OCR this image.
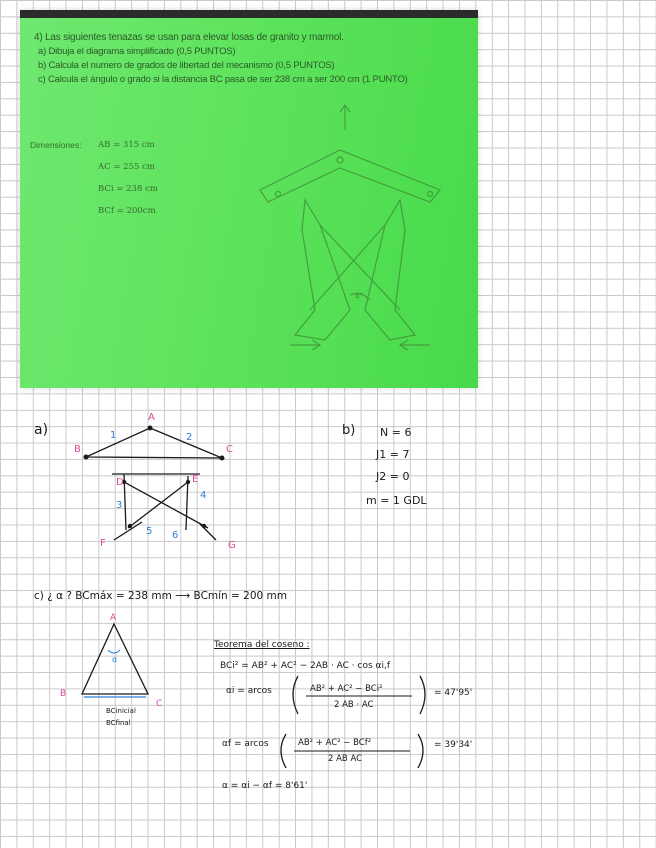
4) Las siguientes tenazas se usan para elevar losas de granito y marmol.
a) Dibuja el diagrama simplificado (0,5 PUNTOS)
b) Calcula el numero de grados de libertad del mecanismo (0,5 PUNTOS)
c) Calcula el ángulo o grado si la distancia BC pasa de ser 238 cm a ser 200 cm (1 PUNTO)
Dimensiones: AB = 315 cm
AC = 255 cm
BCi = 238 cm
BCf = 200cm
α°
a)
A
B	C
D	E
F	G
1	2
3
4
5 6
b) N = 6
J1 = 7
J2 = 0
m = 1 GDL
c) ¿ α ? BCmáx = 238 mm ⟶ BCmín = 200 mm
A
B
C
α
BCinicial
BCfinal
Teorema del coseno :
BCi² = AB² + AC² − 2AB · AC · cos αi,f
αi = arcos	AB² + AC² − BCi²
2 AB · AC
= 47'95'
αf = arcos	AB² + AC² − BCf²
2 AB AC
= 39'34'
α = αi − αf = 8'61'
